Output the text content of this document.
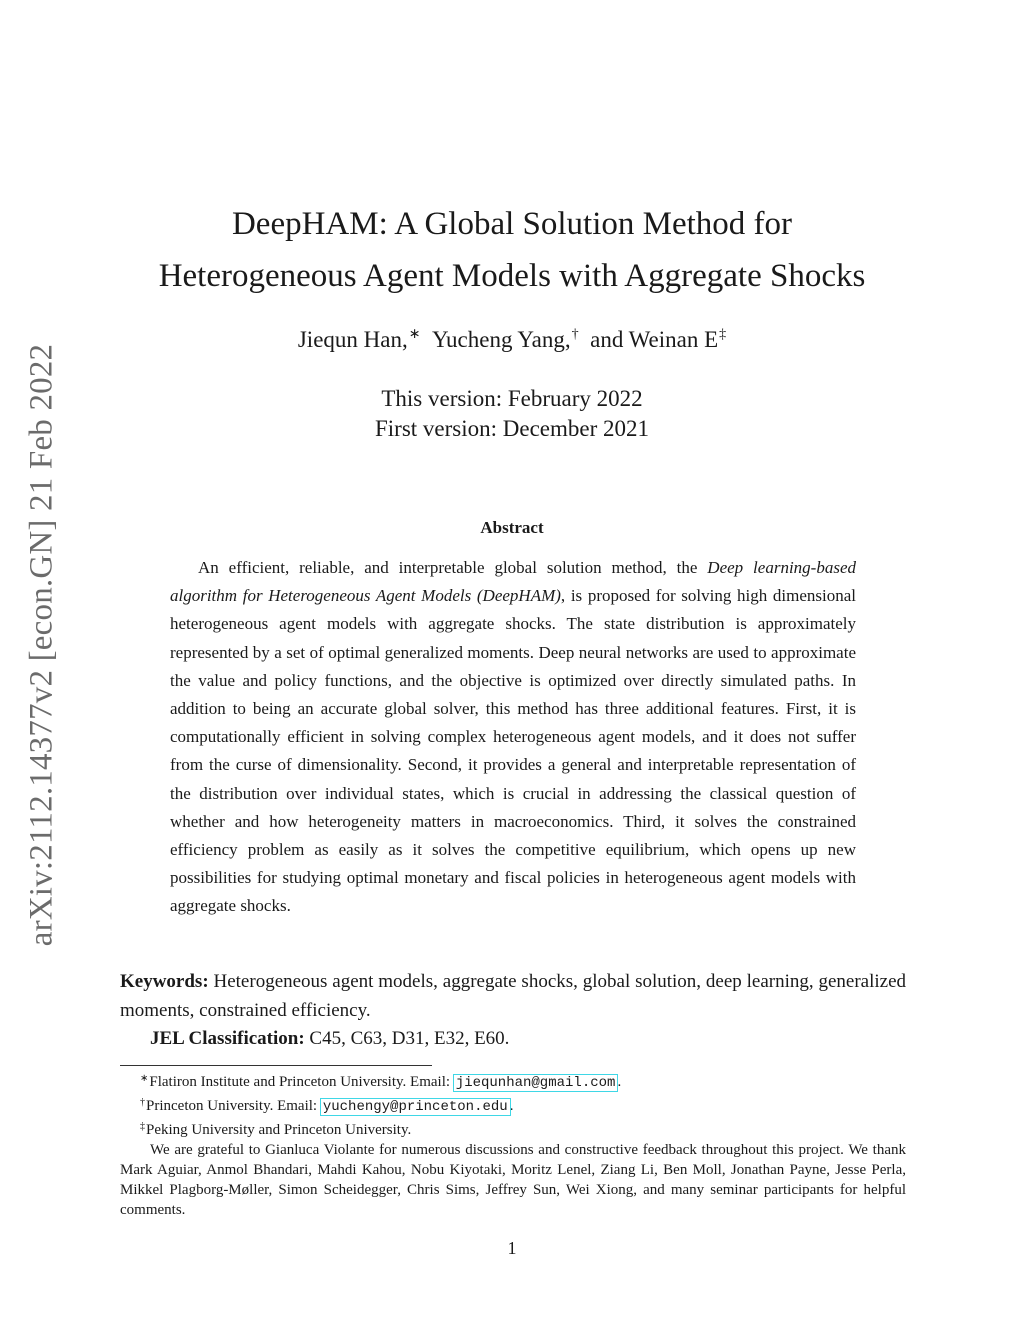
arXiv:2112.14377v2 [econ.GN] 21 Feb 2022
DeepHAM: A Global Solution Method for
Heterogeneous Agent Models with Aggregate Shocks
Jiequn Han,∗ Yucheng Yang,† and Weinan E‡
This version: February 2022
First version: December 2021
Abstract

An efficient, reliable, and interpretable global solution method, the Deep learning-based algorithm for Heterogeneous Agent Models (DeepHAM), is proposed for solving high dimensional heterogeneous agent models with aggregate shocks. The state distribution is approximately represented by a set of optimal generalized moments. Deep neural networks are used to approximate the value and policy functions, and the objective is optimized over directly simulated paths. In addition to being an accurate global solver, this method has three additional features. First, it is computationally efficient in solving complex heterogeneous agent models, and it does not suffer from the curse of dimensionality. Second, it provides a general and interpretable representation of the distribution over individual states, which is crucial in addressing the classical question of whether and how heterogeneity matters in macroeconomics. Third, it solves the constrained efficiency problem as easily as it solves the competitive equilibrium, which opens up new possibilities for studying optimal monetary and fiscal policies in heterogeneous agent models with aggregate shocks.

Keywords: Heterogeneous agent models, aggregate shocks, global solution, deep learning, generalized moments, constrained efficiency.
JEL Classification: C45, C63, D31, E32, E60.
∗Flatiron Institute and Princeton University. Email: jiequnhan@gmail.com .
†Princeton University. Email: yuchengy@princeton.edu .
‡Peking University and Princeton University.
We are grateful to Gianluca Violante for numerous discussions and constructive feedback throughout this project. We thank Mark Aguiar, Anmol Bhandari, Mahdi Kahou, Nobu Kiyotaki, Moritz Lenel, Ziang Li, Ben Moll, Jonathan Payne, Jesse Perla, Mikkel Plagborg-Møller, Simon Scheidegger, Chris Sims, Jeffrey Sun, Wei Xiong, and many seminar participants for helpful comments.
1
